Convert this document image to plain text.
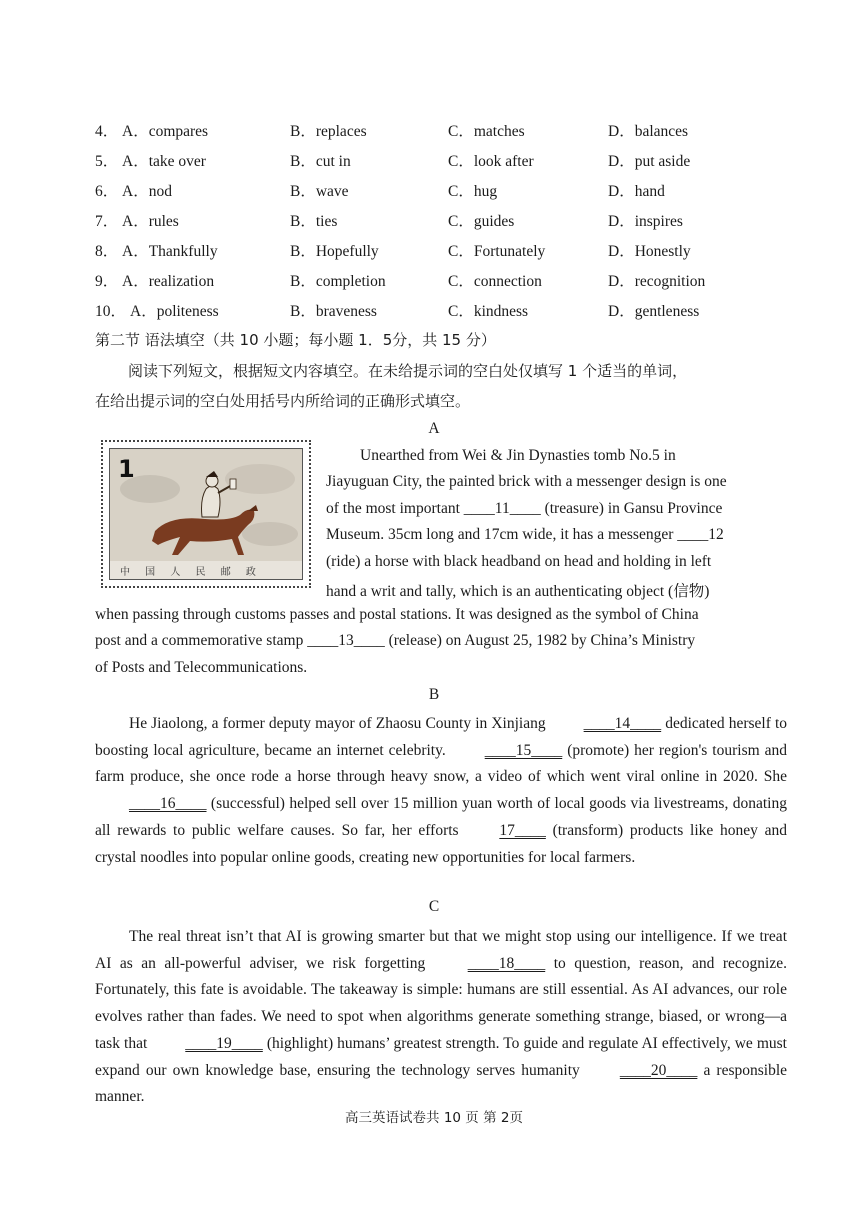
4． A．compares	B．replaces	C．matches	D．balances
5． A．take over	B．cut in	C．look after	D．put aside
6． A．nod	B．wave	C．hug	D．hand
7． A．rules	B．ties	C．guides	D．inspires
8． A．Thankfully	B．Hopefully	C．Fortunately	D．Honestly
9． A．realization	B．completion	C．connection	D．recognition
10． A．politeness	B．braveness	C．kindness	D．gentleness
第二节 语法填空（共 10 小题；每小题 1．5分，共 15 分）
阅读下列短文，根据短文内容填空。在未给提示词的空白处仅填写 1 个适当的单词，
在给出提示词的空白处用括号内所给词的正确形式填空。
A
1
中 国 人 民 邮 政
Unearthed from Wei & Jin Dynasties tomb No.5 in
Jiayuguan City, the painted brick with a messenger design is one
of the most important ____11____ (treasure) in Gansu Province
Museum. 35cm long and 17cm wide, it has a messenger ____12
(ride) a horse with black headband on head and holding in left
hand a writ and tally, which is an authenticating object (信物)
when passing through customs passes and postal stations. It was designed as the symbol of China
post and a commemorative stamp ____13____ (release) on August 25, 1982 by China’s Ministry
of Posts and Telecommunications.
B

He Jiaolong, a former deputy mayor of Zhaosu County in Xinjiang ____14____ dedicated herself to boosting local agriculture, became an internet celebrity. ____15____ (promote) her region's tourism and farm produce, she once rode a horse through heavy snow, a video of which went viral online in 2020. She ____16____ (successful) helped sell over 15 million yuan worth of local goods via livestreams, donating all rewards to public welfare causes. So far, her efforts 17____ (transform) products like honey and crystal noodles into popular online goods, creating new opportunities for local farmers.

C

The real threat isn’t that AI is growing smarter but that we might stop using our intelligence. If we treat AI as an all-powerful adviser, we risk forgetting ____18____ to question, reason, and recognize. Fortunately, this fate is avoidable. The takeaway is simple: humans are still essential. As AI advances, our role evolves rather than fades. We need to spot when algorithms generate something strange, biased, or wrong—a task that ____19____ (highlight) humans’ greatest strength. To guide and regulate AI effectively, we must expand our own knowledge base, ensuring the technology serves humanity ____20____ a responsible manner.

高三英语试卷共 10 页 第 2页
